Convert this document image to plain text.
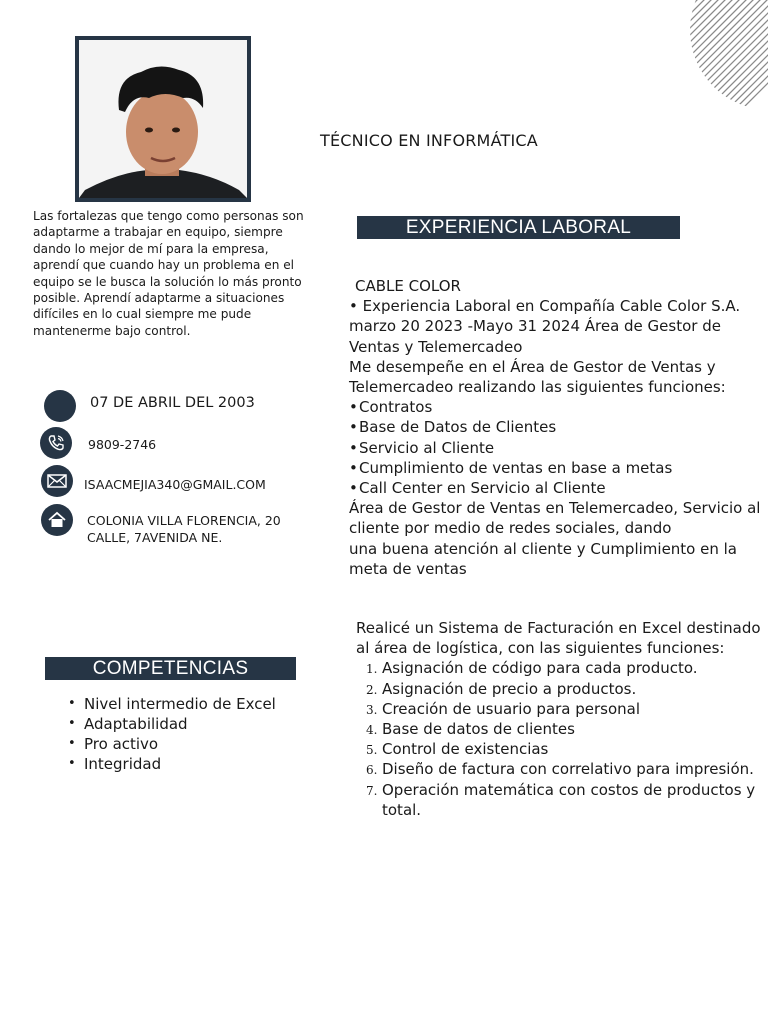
TÉCNICO EN INFORMÁTICA
Las fortalezas que tengo como personas son adaptarme a trabajar en equipo, siempre dando lo mejor de mí para la empresa, aprendí que cuando hay un problema en el equipo se le busca la solución lo más pronto posible. Aprendí adaptarme a situaciones difíciles en lo cual siempre me pude mantenerme bajo control.
07 DE ABRIL DEL 2003
9809-2746
ISAACMEJIA340@GMAIL.COM
COLONIA VILLA FLORENCIA, 20
CALLE, 7AVENIDA NE.
COMPETENCIAS
• Nivel intermedio de Excel
• Adaptabilidad
• Pro activo
• Integridad
EXPERIENCIA LABORAL
CABLE COLOR
• Experiencia Laboral en Compañía Cable Color S.A. marzo 20 2023 -Mayo 31 2024 Área de Gestor de Ventas y Telemercadeo
Me desempeñe en el Área de Gestor de Ventas y Telemercadeo realizando las siguientes funciones:
• Contratos
• Base de Datos de Clientes
• Servicio al Cliente
• Cumplimiento de ventas en base a metas
• Call Center en Servicio al Cliente
Área de Gestor de Ventas en Telemercadeo, Servicio al cliente por medio de redes sociales, dando
una buena atención al cliente y Cumplimiento en la meta de ventas
Realicé un Sistema de Facturación en Excel destinado al área de logística, con las siguientes funciones:
1. Asignación de código para cada producto.
2. Asignación de precio a productos.
3. Creación de usuario para personal
4. Base de datos de clientes
5. Control de existencias
6. Diseño de factura con correlativo para impresión.
7. Operación matemática con costos de productos y total.
